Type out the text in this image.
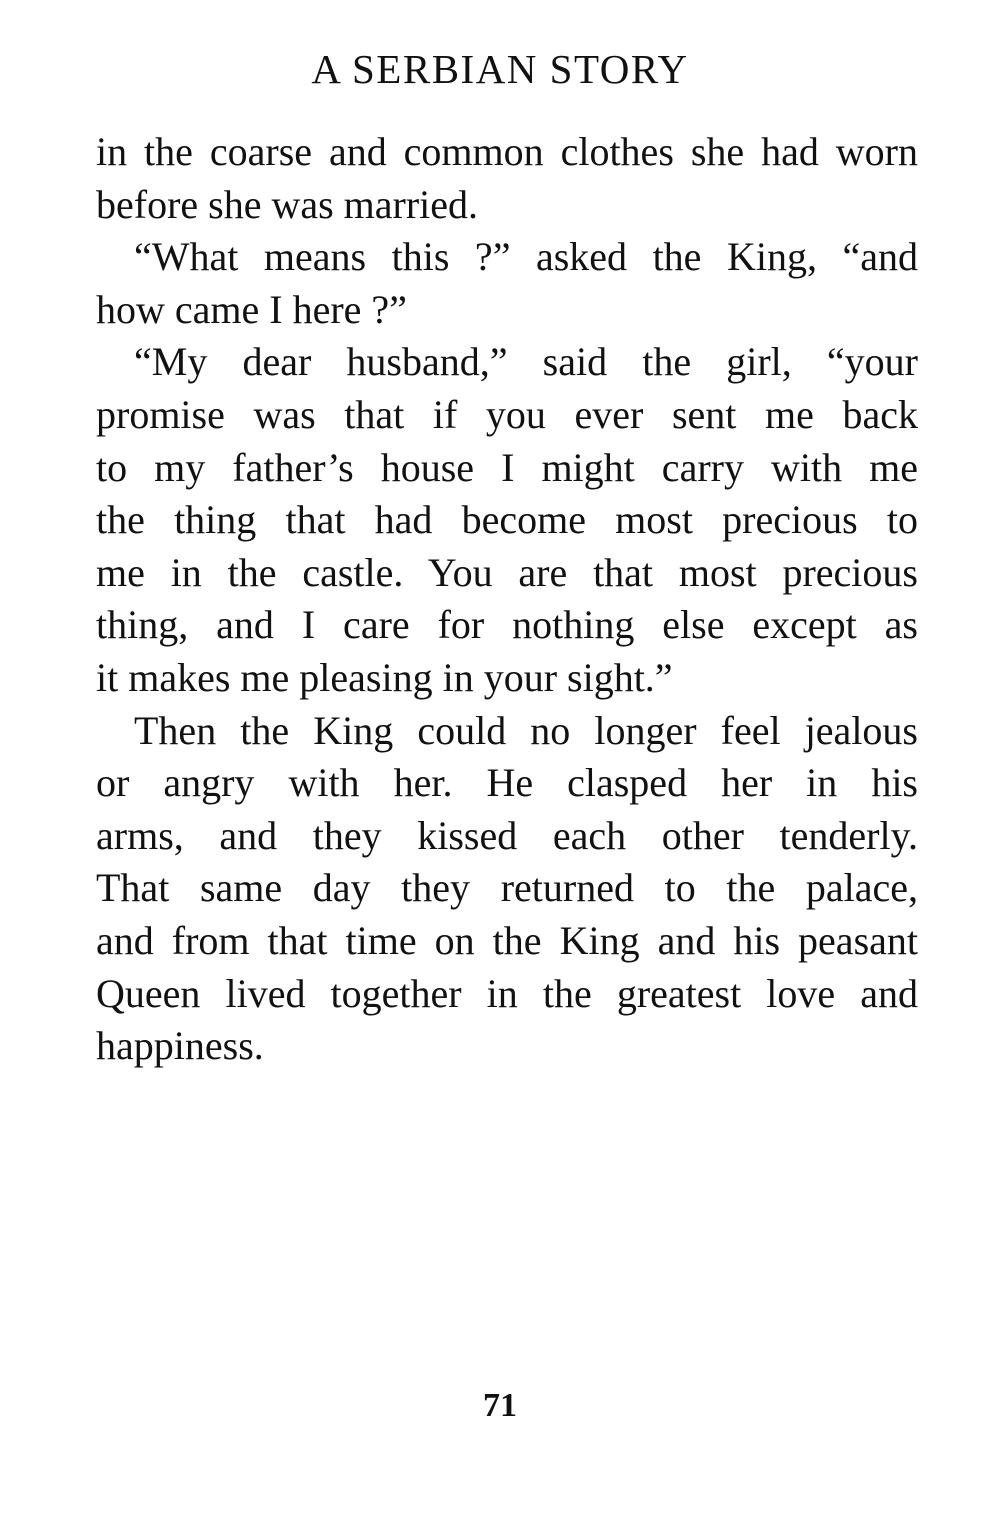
A SERBIAN STORY
in the coarse and common clothes she had worn
before she was married.
“What means this ?” asked the King, “and
how came I here ?”
“My dear husband,” said the girl, “your
promise was that if you ever sent me back
to my father’s house I might carry with me
the thing that had become most precious to
me in the castle. You are that most precious
thing, and I care for nothing else except as
it makes me pleasing in your sight.”
Then the King could no longer feel jealous
or angry with her. He clasped her in his
arms, and they kissed each other tenderly.
That same day they returned to the palace,
and from that time on the King and his peasant
Queen lived together in the greatest love and
happiness.
71
